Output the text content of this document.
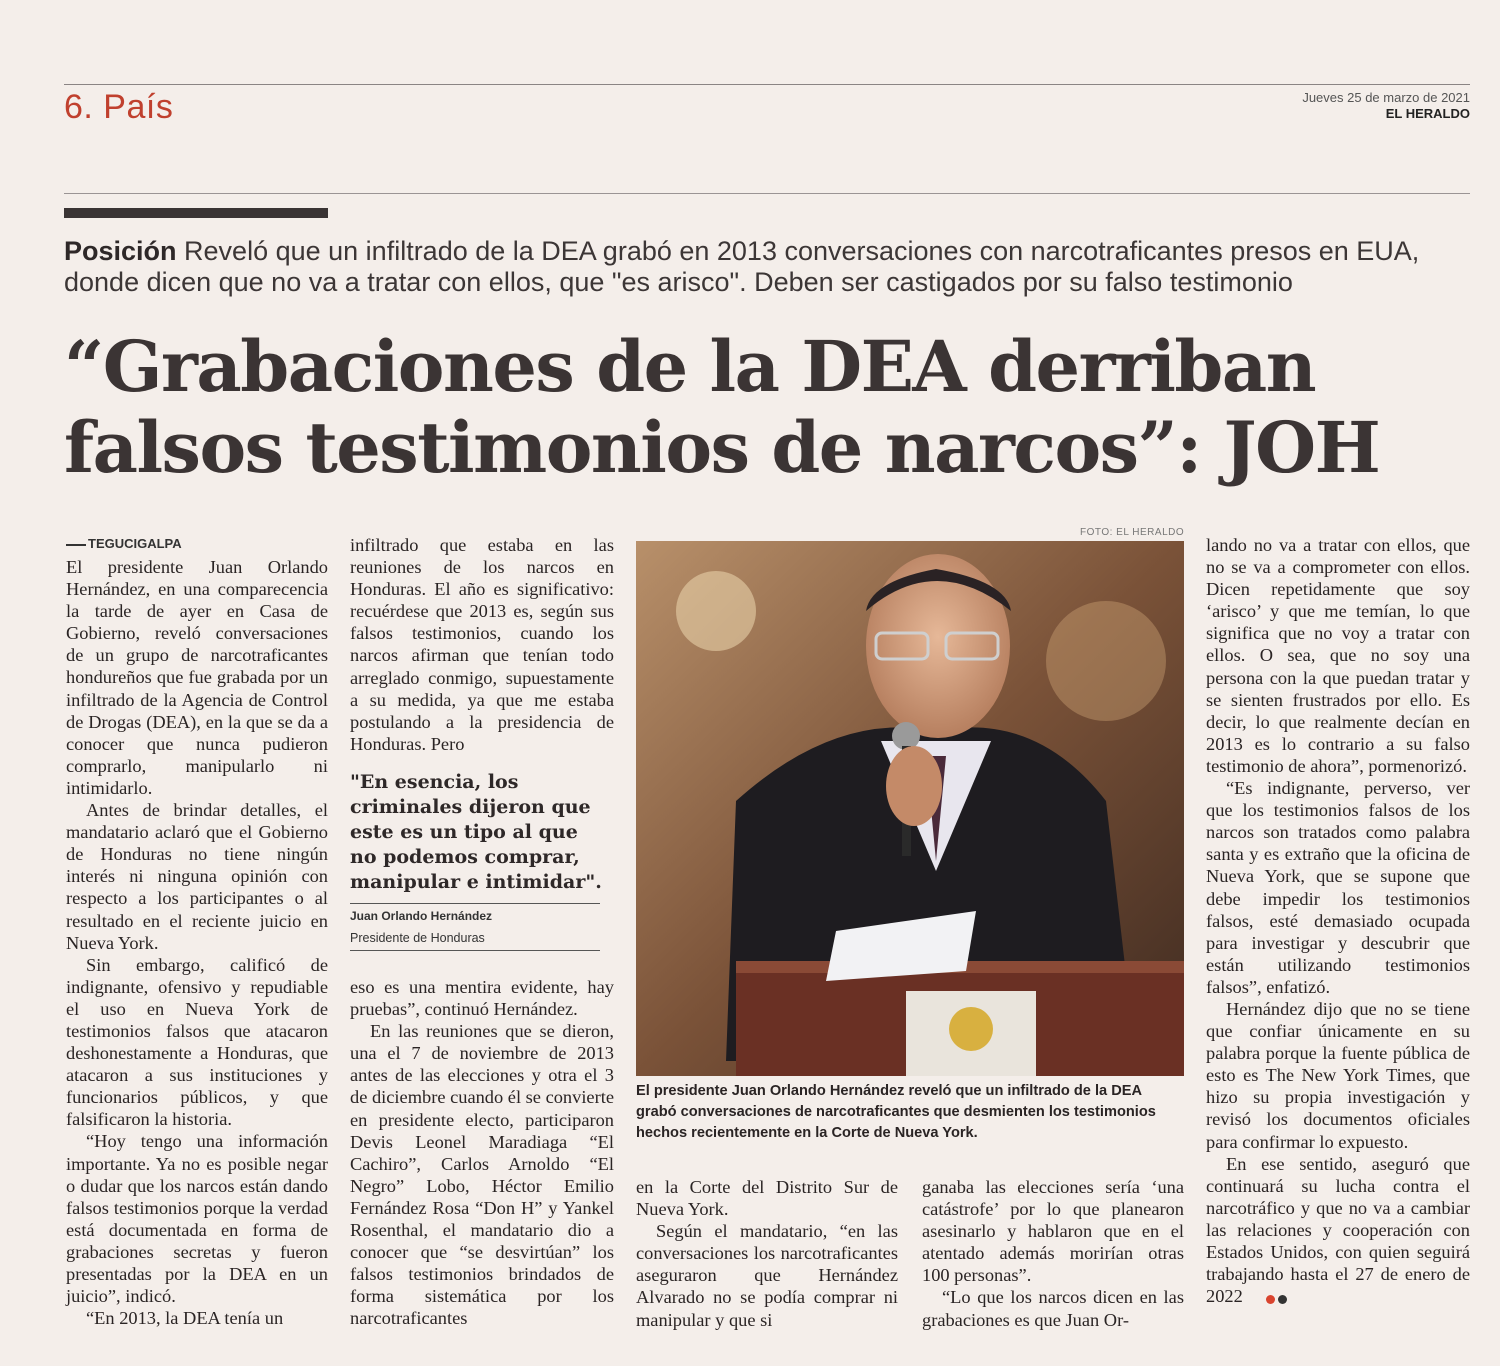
6. País	Jueves 25 de marzo de 2021
EL HERALDO
Posición Reveló que un infiltrado de la DEA grabó en 2013 conversaciones con narcotraficantes presos en EUA, donde dicen que no va a tratar con ellos, que "es arisco". Deben ser castigados por su falso testimonio
“Grabaciones de la DEA derriban falsos testimonios de narcos”: JOH
TEGUCIGALPA

El presidente Juan Orlando Hernández, en una comparecencia la tarde de ayer en Casa de Gobierno, reveló conversaciones de un grupo de narcotraficantes hondureños que fue grabada por un infiltrado de la Agencia de Control de Drogas (DEA), en la que se da a conocer que nunca pudieron comprarlo, manipularlo ni intimidarlo.

Antes de brindar detalles, el mandatario aclaró que el Gobierno de Honduras no tiene ningún interés ni ninguna opinión con respecto a los participantes o al resultado en el reciente juicio en Nueva York.

Sin embargo, calificó de indignante, ofensivo y repudiable el uso en Nueva York de testimonios falsos que atacaron deshonestamente a Honduras, que atacaron a sus instituciones y funcionarios públicos, y que falsificaron la historia.

“Hoy tengo una información importante. Ya no es posible negar o dudar que los narcos están dando falsos testimonios porque la verdad está documentada en forma de grabaciones secretas y fueron presentadas por la DEA en un juicio”, indicó.

“En 2013, la DEA tenía un

infiltrado que estaba en las reuniones de los narcos en Honduras. El año es significativo: recuérdese que 2013 es, según sus falsos testimonios, cuando los narcos afirman que tenían todo arreglado conmigo, supuestamente a su medida, ya que me estaba postulando a la presidencia de Honduras. Pero

"En esencia, los criminales dijeron que este es un tipo al que no podemos comprar, manipular e intimidar".
Juan Orlando Hernández
Presidente de Honduras

eso es una mentira evidente, hay pruebas”, continuó Hernández.

En las reuniones que se dieron, una el 7 de noviembre de 2013 antes de las elecciones y otra el 3 de diciembre cuando él se convierte en presidente electo, participaron Devis Leonel Maradiaga “El Cachiro”, Carlos Arnoldo “El Negro” Lobo, Héctor Emilio Fernández Rosa “Don H” y Yankel Rosenthal, el mandatario dio a conocer que “se desvirtúan” los falsos testimonios brindados de forma sistemática por los narcotraficantes

FOTO: EL HERALDO
El presidente Juan Orlando Hernández reveló que un infiltrado de la DEA grabó conversaciones de narcotraficantes que desmienten los testimonios hechos recientemente en la Corte de Nueva York.

en la Corte del Distrito Sur de Nueva York.

Según el mandatario, “en las conversaciones los narcotraficantes aseguraron que Hernández Alvarado no se podía comprar ni manipular y que si

ganaba las elecciones sería ‘una catástrofe’ por lo que planearon asesinarlo y hablaron que en el atentado además morirían otras 100 personas”.

“Lo que los narcos dicen en las grabaciones es que Juan Or-

lando no va a tratar con ellos, que no se va a comprometer con ellos. Dicen repetidamente que soy ‘arisco’ y que me temían, lo que significa que no voy a tratar con ellos. O sea, que no soy una persona con la que puedan tratar y se sienten frustrados por ello. Es decir, lo que realmente decían en 2013 es lo contrario a su falso testimonio de ahora”, pormenorizó.

“Es indignante, perverso, ver que los testimonios falsos de los narcos son tratados como palabra santa y es extraño que la oficina de Nueva York, que se supone que debe impedir los testimonios falsos, esté demasiado ocupada para investigar y descubrir que están utilizando testimonios falsos”, enfatizó.

Hernández dijo que no se tiene que confiar únicamente en su palabra porque la fuente pública de esto es The New York Times, que hizo su propia investigación y revisó los documentos oficiales para confirmar lo expuesto.

En ese sentido, aseguró que continuará su lucha contra el narcotráfico y que no va a cambiar las relaciones y cooperación con Estados Unidos, con quien seguirá trabajando hasta el 27 de enero de 2022
